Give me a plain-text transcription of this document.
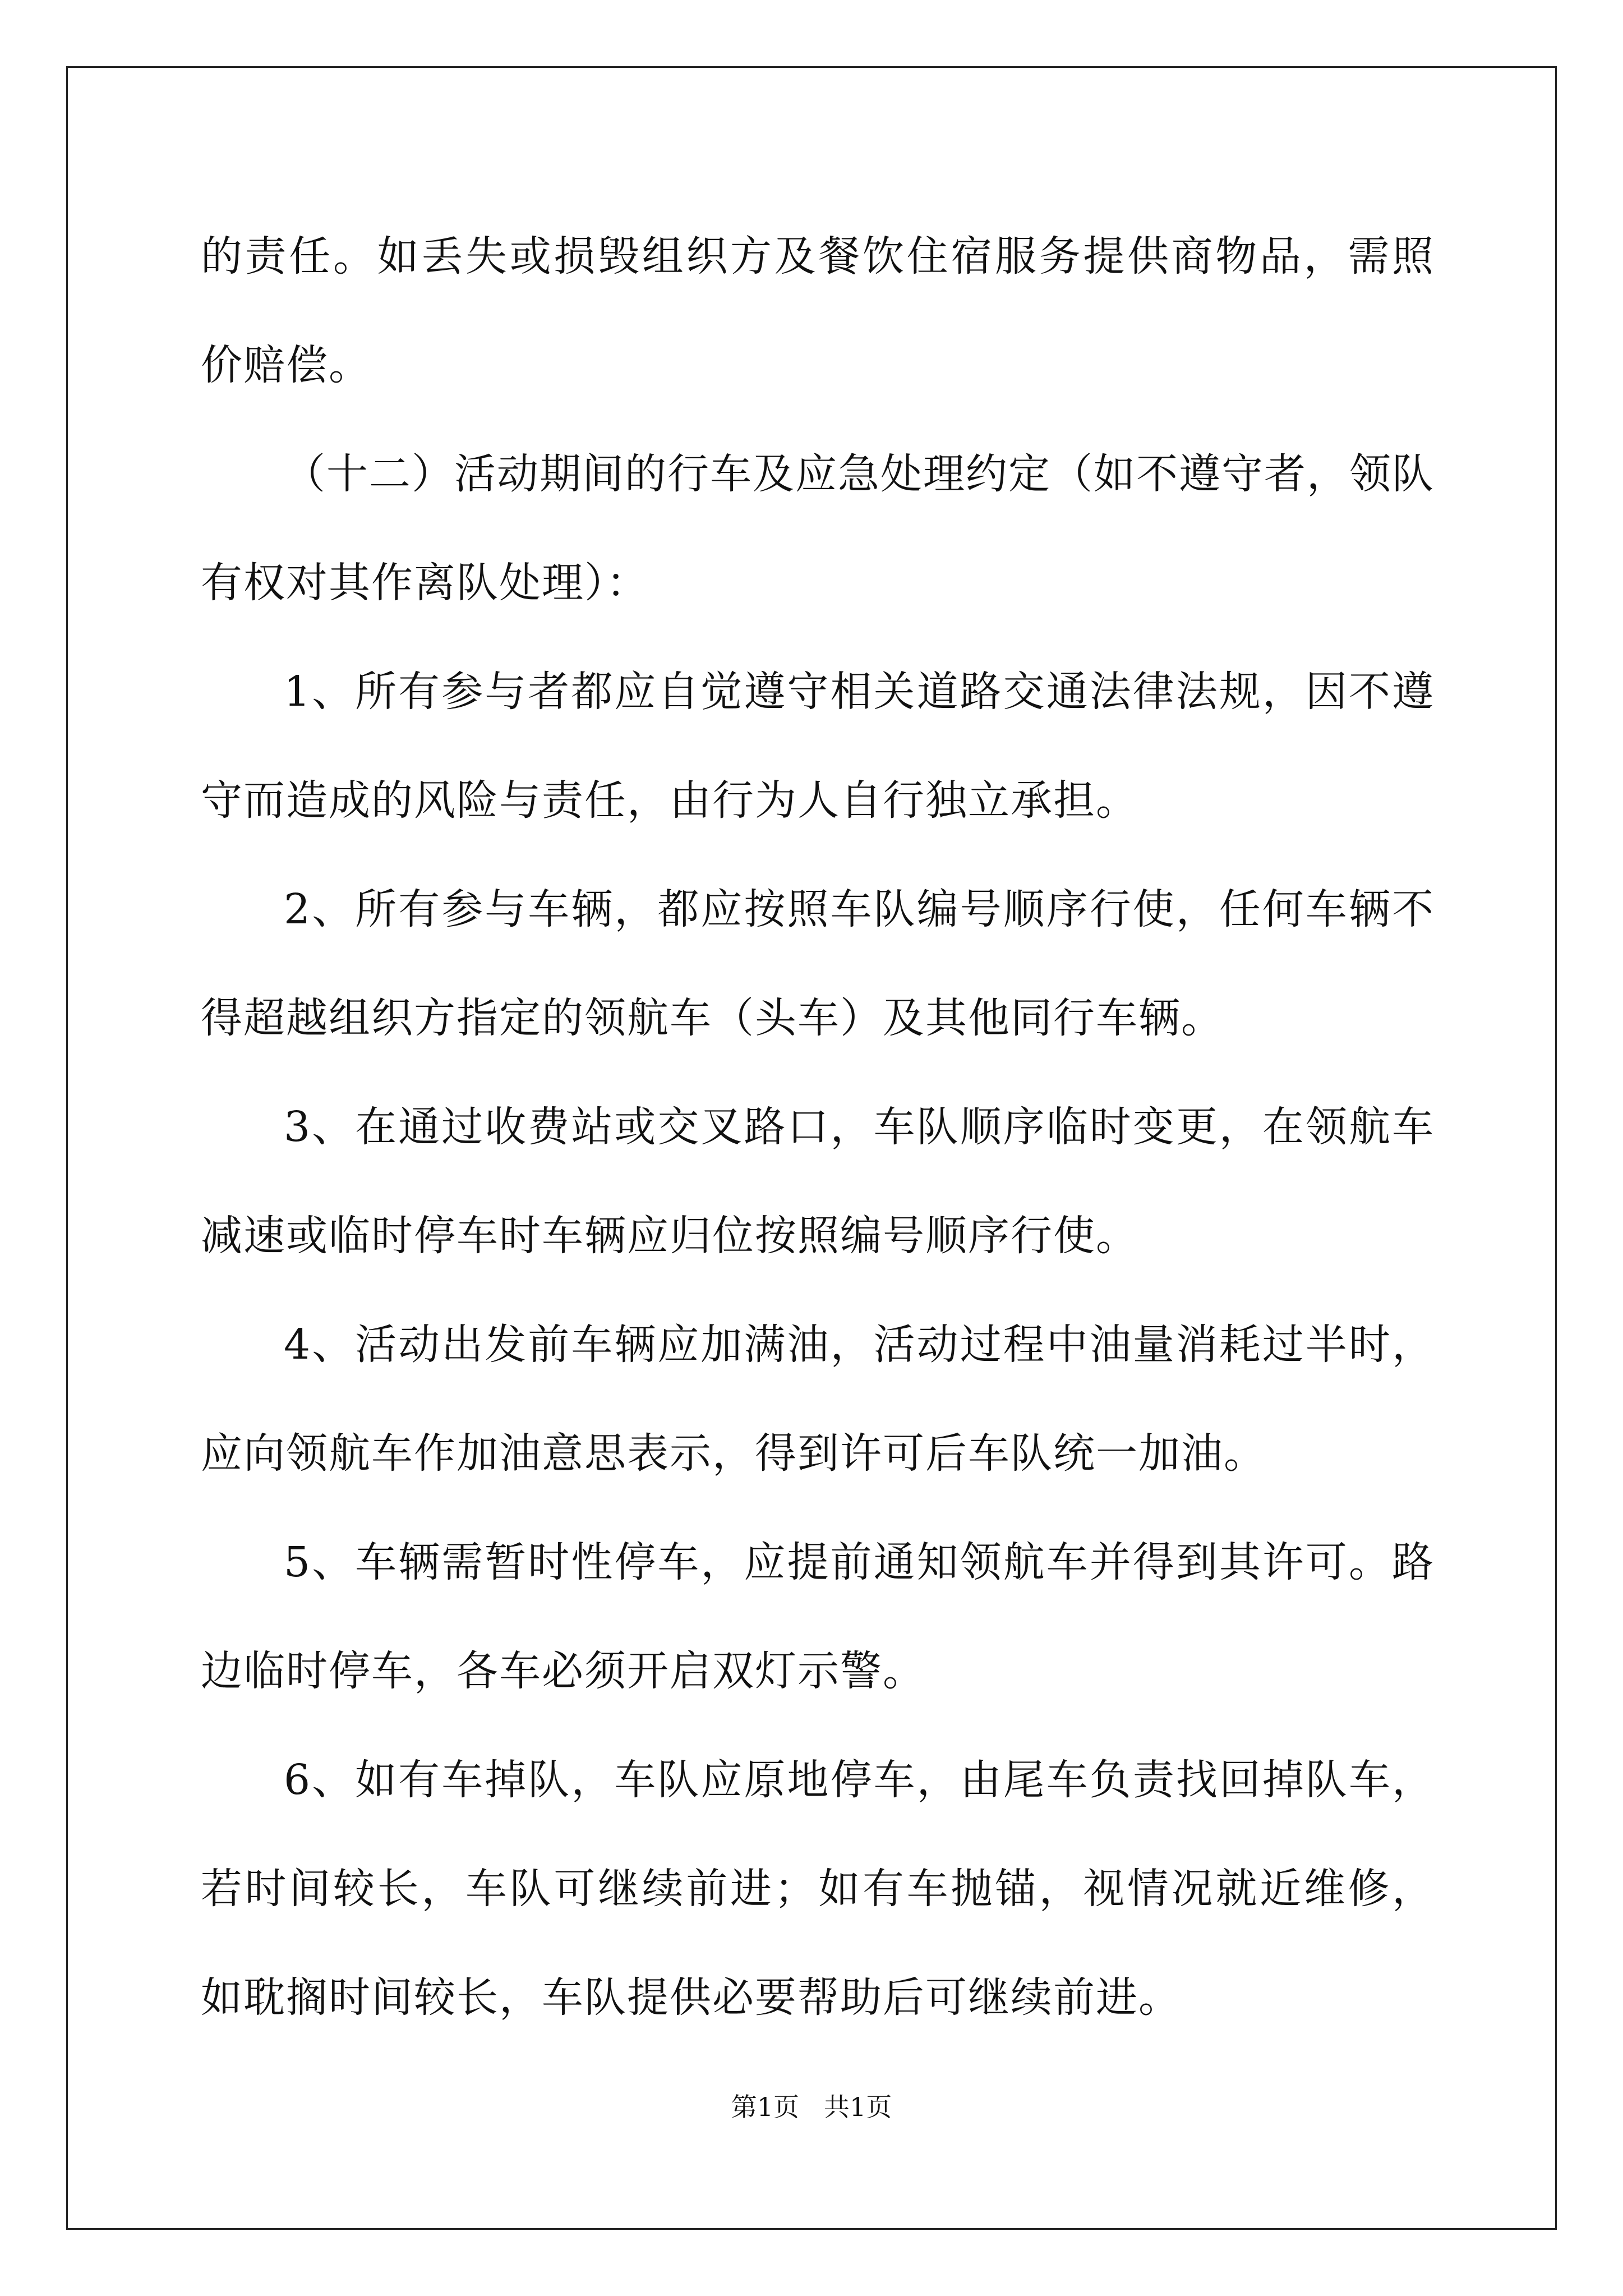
的责任。如丢失或损毁组织方及餐饮住宿服务提供商物品，需照价赔偿。

（十二）活动期间的行车及应急处理约定（如不遵守者，领队有权对其作离队处理）：

1、所有参与者都应自觉遵守相关道路交通法律法规，因不遵守而造成的风险与责任，由行为人自行独立承担。

2、所有参与车辆，都应按照车队编号顺序行使，任何车辆不得超越组织方指定的领航车（头车）及其他同行车辆。

3、在通过收费站或交叉路口，车队顺序临时变更，在领航车减速或临时停车时车辆应归位按照编号顺序行使。

4、活动出发前车辆应加满油，活动过程中油量消耗过半时，应向领航车作加油意思表示，得到许可后车队统一加油。

5、车辆需暂时性停车，应提前通知领航车并得到其许可。路边临时停车，各车必须开启双灯示警。

6、如有车掉队，车队应原地停车，由尾车负责找回掉队车，若时间较长，车队可继续前进；如有车抛锚，视情况就近维修，如耽搁时间较长，车队提供必要帮助后可继续前进。

第1页 共1页
